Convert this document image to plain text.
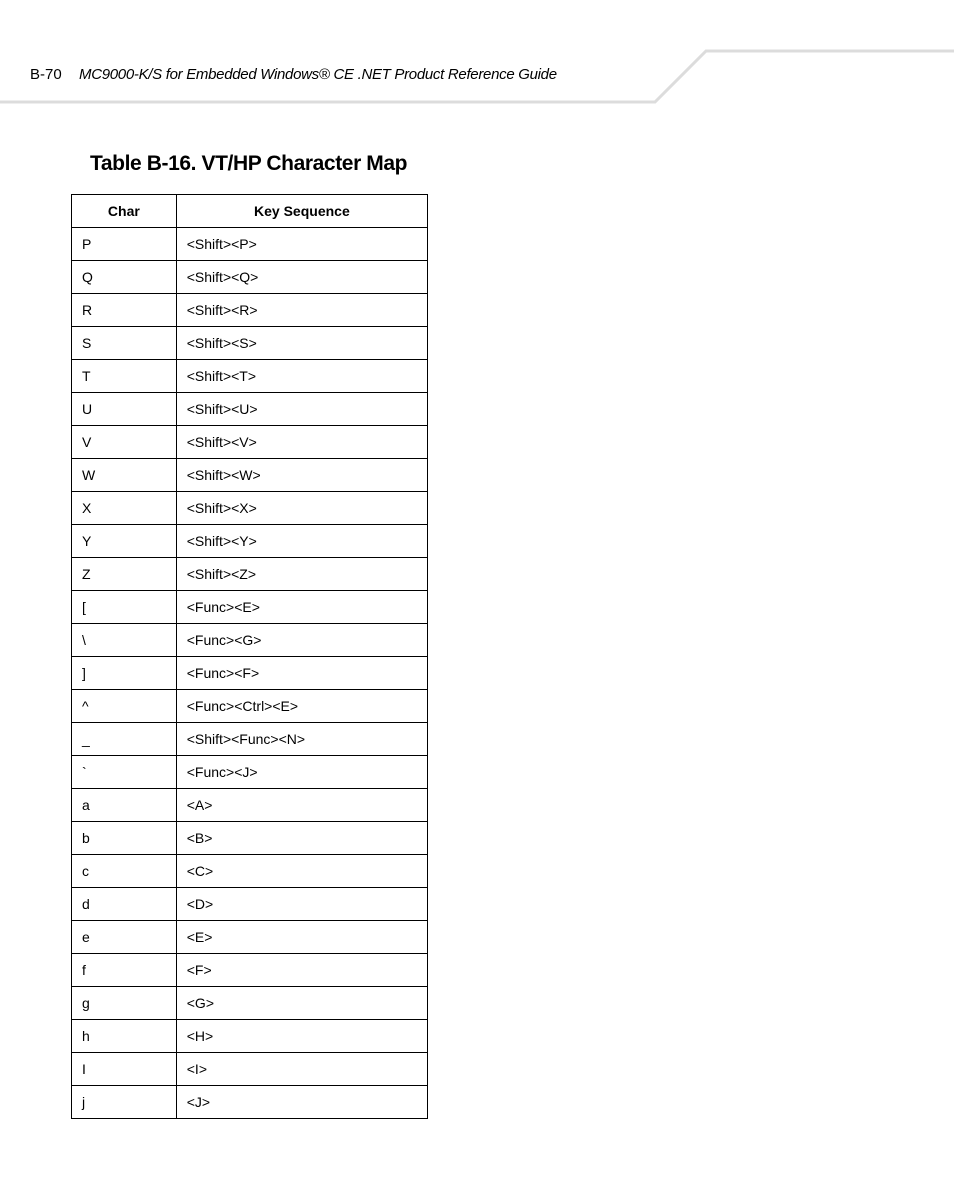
B-70 MC9000-K/S for Embedded Windows® CE .NET Product Reference Guide
Table B-16. VT/HP Character Map
Char	Key Sequence
P	<Shift><P>
Q	<Shift><Q>
R	<Shift><R>
S	<Shift><S>
T	<Shift><T>
U	<Shift><U>
V	<Shift><V>
W	<Shift><W>
X	<Shift><X>
Y	<Shift><Y>
Z	<Shift><Z>
[	<Func><E>
\	<Func><G>
]	<Func><F>
^	<Func><Ctrl><E>
_	<Shift><Func><N>
`	<Func><J>
a	<A>
b	<B>
c	<C>
d	<D>
e	<E>
f	<F>
g	<G>
h	<H>
I	<I>
j	<J>
